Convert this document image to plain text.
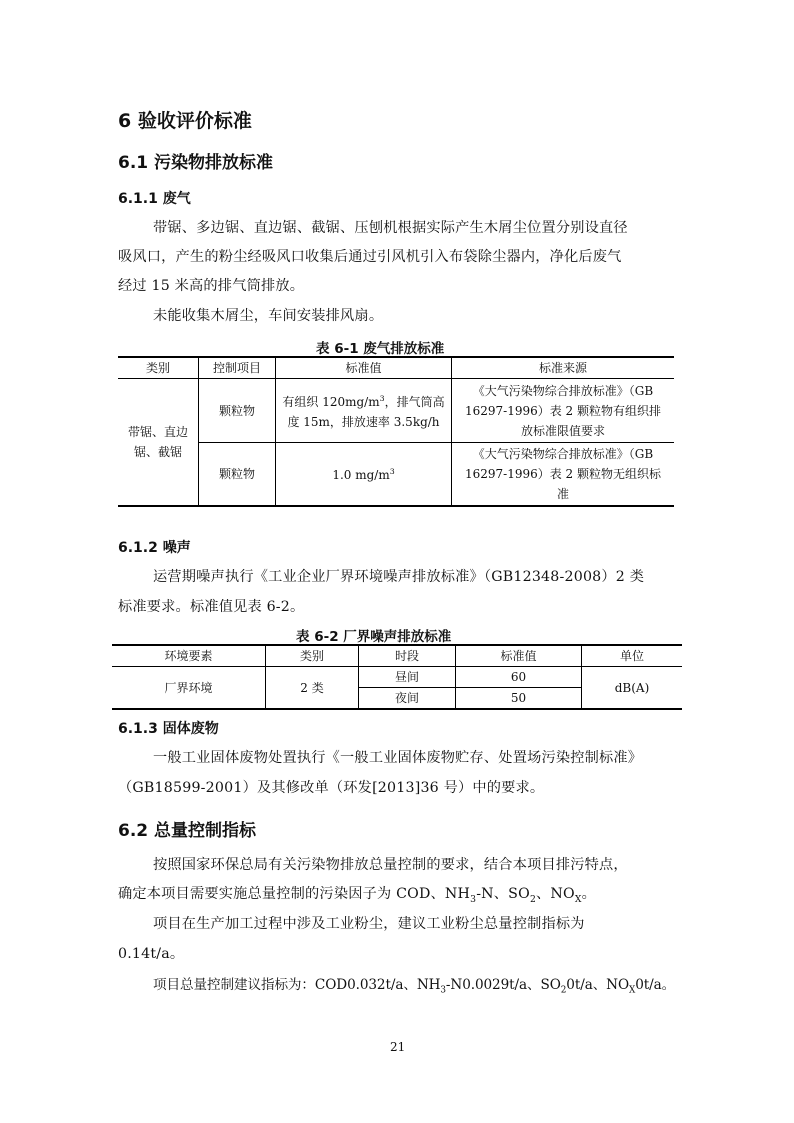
6 验收评价标准
6.1 污染物排放标准
6.1.1 废气
带锯、多边锯、直边锯、截锯、压刨机根据实际产生木屑尘位置分别设直径
吸风口，产生的粉尘经吸风口收集后通过引风机引入布袋除尘器内，净化后废气
经过 15 米高的排气筒排放。
未能收集木屑尘，车间安装排风扇。
表 6-1 废气排放标准
类别	控制项目	标准值	标准来源
带锯、直边锯、截锯	颗粒物	有组织 $120mg/m^3$，排气筒高度 15m，排放速率 3.5kg/h	《大气污染物综合排放标准》（GB 16297-1996）表 2 颗粒物有组织排放标准限值要求
	颗粒物	1.0 $mg/m^3$	《大气污染物综合排放标准》（GB 16297-1996）表 2 颗粒物无组织标准
6.1.2 噪声
运营期噪声执行《工业企业厂界环境噪声排放标准》（GB12348-2008）2 类
标准要求。标准值见表 6-2。
表 6-2 厂界噪声排放标准
环境要素	类别	时段	标准值	单位
厂界环境	2 类	昼间	60	dB(A)
		夜间	50	
6.1.3 固体废物
一般工业固体废物处置执行《一般工业固体废物贮存、处置场污染控制标准》
（GB18599-2001）及其修改单（环发[2013]36 号）中的要求。
6.2 总量控制指标
按照国家环保总局有关污染物排放总量控制的要求，结合本项目排污特点，
确定本项目需要实施总量控制的污染因子为 COD、$NH_3-N$、$SO_2$、$NO_X$。
项目在生产加工过程中涉及工业粉尘，建议工业粉尘总量控制指标为
0.14t/a。
项目总量控制建议指标为：COD0.032t/a、$NH_3-N0.0029t/a$、$SO_20t/a$、$NO_X0t/a$。
21
